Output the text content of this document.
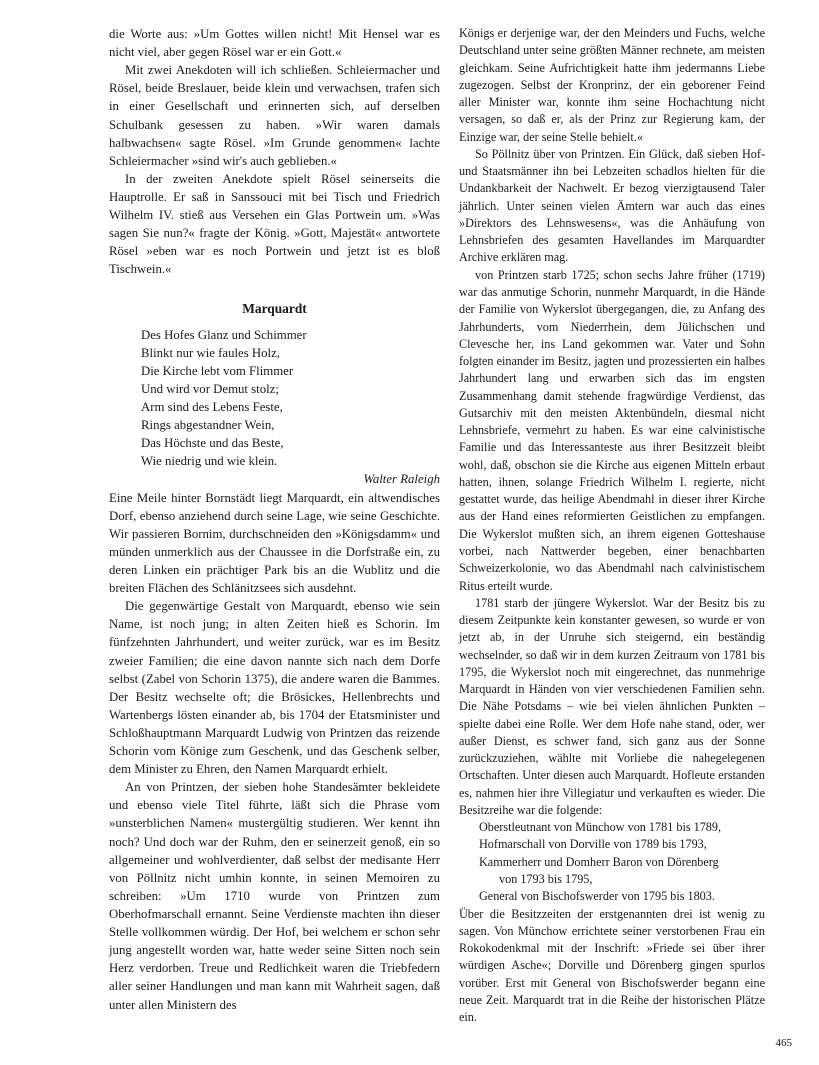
die Worte aus: »Um Gottes willen nicht! Mit Hensel war es nicht viel, aber gegen Rösel war er ein Gott.«

Mit zwei Anekdoten will ich schließen. Schleiermacher und Rösel, beide Breslauer, beide klein und verwachsen, trafen sich in einer Gesellschaft und erinnerten sich, auf derselben Schulbank gesessen zu haben. »Wir waren damals halbwachsen« sagte Rösel. »Im Grunde genommen« lachte Schleiermacher »sind wir's auch geblieben.«

In der zweiten Anekdote spielt Rösel seinerseits die Hauptrolle. Er saß in Sanssouci mit bei Tisch und Friedrich Wilhelm IV. stieß aus Versehen ein Glas Portwein um. »Was sagen Sie nun?« fragte der König. »Gott, Majestät« antwortete Rösel »eben war es noch Portwein und jetzt ist es bloß Tischwein.«

Marquardt
Des Hofes Glanz und Schimmer
Blinkt nur wie faules Holz,
Die Kirche lebt vom Flimmer
Und wird vor Demut stolz;
Arm sind des Lebens Feste,
Rings abgestandner Wein,
Das Höchste und das Beste,
Wie niedrig und wie klein.

Walter Raleigh

Eine Meile hinter Bornstädt liegt Marquardt, ein altwendisches Dorf, ebenso anziehend durch seine Lage, wie seine Geschichte. Wir passieren Bornim, durchschneiden den »Königsdamm« und münden unmerklich aus der Chaussee in die Dorfstraße ein, zu deren Linken ein prächtiger Park bis an die Wublitz und die breiten Flächen des Schlänitzsees sich ausdehnt.

Die gegenwärtige Gestalt von Marquardt, ebenso wie sein Name, ist noch jung; in alten Zeiten hieß es Schorin. Im fünfzehnten Jahrhundert, und weiter zurück, war es im Besitz zweier Familien; die eine davon nannte sich nach dem Dorfe selbst (Zabel von Schorin 1375), die andere waren die Bammes. Der Besitz wechselte oft; die Brösickes, Hellenbrechts und Wartenbergs lösten einander ab, bis 1704 der Etatsminister und Schloßhauptmann Marquardt Ludwig von Printzen das reizende Schorin vom Könige zum Geschenk, und das Geschenk selber, dem Minister zu Ehren, den Namen Marquardt erhielt.

An von Printzen, der sieben hohe Standesämter bekleidete und ebenso viele Titel führte, läßt sich die Phrase vom »unsterblichen Namen« mustergültig studieren. Wer kennt ihn noch? Und doch war der Ruhm, den er seinerzeit genoß, ein so allgemeiner und wohlverdienter, daß selbst der medisante Herr von Pöllnitz nicht umhin konnte, in seinen Memoiren zu schreiben: »Um 1710 wurde von Printzen zum Oberhofmarschall ernannt. Seine Verdienste machten ihn dieser Stelle vollkommen würdig. Der Hof, bei welchem er schon sehr jung angestellt worden war, hatte weder seine Sitten noch sein Herz verdorben. Treue und Redlichkeit waren die Triebfedern aller seiner Handlungen und man kann mit Wahrheit sagen, daß unter allen Ministern des

Königs er derjenige war, der den Meinders und Fuchs, welche Deutschland unter seine größten Männer rechnete, am meisten gleichkam. Seine Aufrichtigkeit hatte ihm jedermanns Liebe zugezogen. Selbst der Kronprinz, der ein geborener Feind aller Minister war, konnte ihm seine Hochachtung nicht versagen, so daß er, als der Prinz zur Regierung kam, der Einzige war, der seine Stelle behielt.«

So Pöllnitz über von Printzen. Ein Glück, daß sieben Hof- und Staatsmänner ihn bei Lebzeiten schadlos hielten für die Undankbarkeit der Nachwelt. Er bezog vierzigtausend Taler jährlich. Unter seinen vielen Ämtern war auch das eines »Direktors des Lehnswesens«, was die Anhäufung von Lehnsbriefen des gesamten Havellandes im Marquardter Archive erklären mag.

von Printzen starb 1725; schon sechs Jahre früher (1719) war das anmutige Schorin, nunmehr Marquardt, in die Hände der Familie von Wykerslot übergegangen, die, zu Anfang des Jahrhunderts, vom Niederrhein, dem Jülichschen und Clevesche her, ins Land gekommen war. Vater und Sohn folgten einander im Besitz, jagten und prozessierten ein halbes Jahrhundert lang und erwarben sich das im engsten Zusammenhang damit stehende fragwürdige Verdienst, das Gutsarchiv mit den meisten Aktenbündeln, diesmal nicht Lehnsbriefe, vermehrt zu haben. Es war eine calvinistische Familie und das Interessanteste aus ihrer Besitzzeit bleibt wohl, daß, obschon sie die Kirche aus eigenen Mitteln erbaut hatten, ihnen, solange Friedrich Wilhelm I. regierte, nicht gestattet wurde, das heilige Abendmahl in dieser ihrer Kirche aus der Hand eines reformierten Geistlichen zu empfangen. Die Wykerslot mußten sich, an ihrem eigenen Gotteshause vorbei, nach Nattwerder begeben, einer benachbarten Schweizerkolonie, wo das Abendmahl nach calvinistischem Ritus erteilt wurde.

1781 starb der jüngere Wykerslot. War der Besitz bis zu diesem Zeitpunkte kein konstanter gewesen, so wurde er von jetzt ab, in der Unruhe sich steigernd, ein beständig wechselnder, so daß wir in dem kurzen Zeitraum von 1781 bis 1795, die Wykerslot noch mit eingerechnet, das nunmehrige Marquardt in Händen von vier verschiedenen Familien sehn. Die Nähe Potsdams – wie bei vielen ähnlichen Punkten – spielte dabei eine Rolle. Wer dem Hofe nahe stand, oder, wer außer Dienst, es schwer fand, sich ganz aus der Sonne zurückzuziehen, wählte mit Vorliebe die nahegelegenen Ortschaften. Unter diesen auch Marquardt. Hofleute erstanden es, nahmen hier ihre Villegiatur und verkauften es wieder. Die Besitzreihe war die folgende:

Oberstleutnant von Münchow von 1781 bis 1789,
Hofmarschall von Dorville von 1789 bis 1793,
Kammerherr und Domherr Baron von Dörenberg
von 1793 bis 1795,
General von Bischofswerder von 1795 bis 1803.

Über die Besitzzeiten der erstgenannten drei ist wenig zu sagen. Von Münchow errichtete seiner verstorbenen Frau ein Rokokodenkmal mit der Inschrift: »Friede sei über ihrer würdigen Asche«; Dorville und Dörenberg gingen spurlos vorüber. Erst mit General von Bischofswerder begann eine neue Zeit. Marquardt trat in die Reihe der historischen Plätze ein.

465
